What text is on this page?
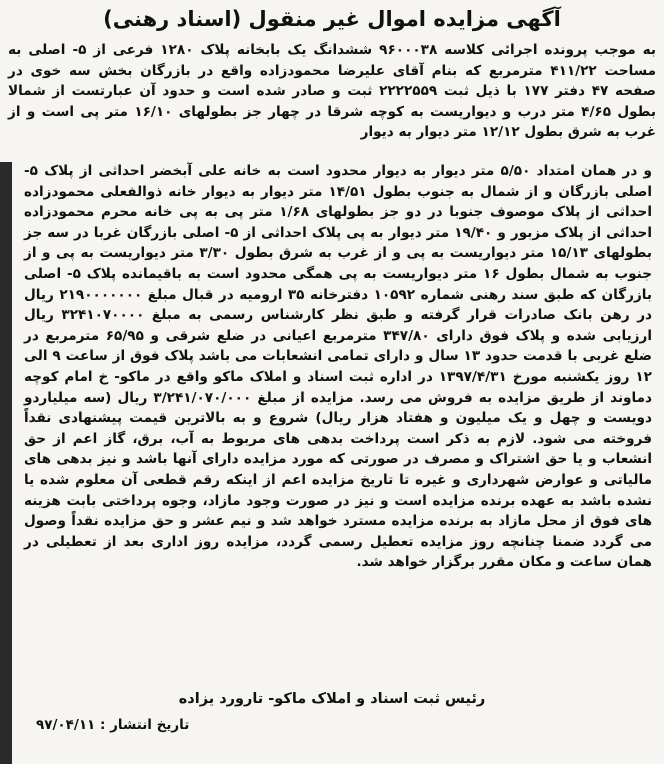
آگهی مزایده اموال غیر منقول (اسناد رهنی)

به موجب پرونده اجرائی کلاسه ۹۶۰۰۰۳۸ ششدانگ یک بابخانه پلاک ۱۲۸۰ فرعی از ۵- اصلی به مساحت ۴۱۱/۲۲ مترمربع که بنام آقای علیرضا محمودزاده واقع در بازرگان بخش سه خوی در صفحه ۴۷ دفتر ۱۷۷ با ذیل ثبت ۲۲۲۲۵۵۹ ثبت و صادر شده است و حدود آن عبارتست از شمالا بطول ۴/۶۵ متر درب و دیواریست به کوچه شرقا در چهار جز بطولهای ۱۶/۱۰ متر پی است و از غرب به شرق بطول ۱۲/۱۲ متر دیوار به دیوار

و در همان امتداد ۵/۵۰ متر دیوار به دیوار محدود است به خانه علی آبخضر احداثی از پلاک ۵- اصلی بازرگان و از شمال به جنوب بطول ۱۴/۵۱ متر دیوار به دیوار خانه ذوالفعلی محمودزاده احداثی از پلاک موصوف جنوبا در دو جز بطولهای ۱/۶۸ متر پی به پی خانه محرم محمودزاده احداثی از پلاک مزبور و ۱۹/۴۰ متر دیوار به پی پلاک احداثی از ۵- اصلی بازرگان غربا در سه جز بطولهای ۱۵/۱۳ متر دیواریست به پی و از غرب به شرق بطول ۳/۳۰ متر دیواریست به پی و از جنوب به شمال بطول ۱۶ متر دیواریست به پی همگی محدود است به باقیمانده پلاک ۵- اصلی بازرگان که طبق سند رهنی شماره ۱۰۵۹۲ دفترخانه ۳۵ ارومیه در قبال مبلغ ۲۱۹۰۰۰۰۰۰۰ ریال در رهن بانک صادرات قرار گرفته و طبق نظر کارشناس رسمی به مبلغ ۳۲۴۱۰۷۰۰۰۰ ریال ارزیابی شده و پلاک فوق دارای ۳۴۷/۸۰ مترمربع اعیانی در ضلع شرقی و ۶۵/۹۵ مترمربع در ضلع غربی با قدمت حدود ۱۳ سال و دارای تمامی انشعابات می باشد پلاک فوق از ساعت ۹ الی ۱۲ روز یکشنبه مورخ ۱۳۹۷/۴/۳۱ در اداره ثبت اسناد و املاک ماکو واقع در ماکو- خ امام کوچه دماوند از طریق مزایده به فروش می رسد. مزایده از مبلغ ۳/۲۴۱/۰۷۰/۰۰۰ ریال (سه میلیاردو دویست و چهل و یک میلیون و هفتاد هزار ریال) شروع و به بالاترین قیمت پیشنهادی نقداً فروخته می شود. لازم به ذکر است پرداخت بدهی های مربوط به آب، برق، گاز اعم از حق انشعاب و یا حق اشتراک و مصرف در صورتی که مورد مزایده دارای آنها باشد و نیز بدهی های مالیاتی و عوارض شهرداری و غیره تا تاریخ مزایده اعم از اینکه رقم قطعی آن معلوم شده یا نشده باشد به عهده برنده مزایده است و نیز در صورت وجود مازاد، وجوه پرداختی بابت هزینه های فوق از محل مازاد به برنده مزایده مسترد خواهد شد و نیم عشر و حق مزایده نقداً وصول می گردد ضمنا چنانچه روز مزایده تعطیل رسمی گردد، مزایده روز اداری بعد از تعطیلی در همان ساعت و مکان مقرر برگزار خواهد شد.

رئیس ثبت اسناد و املاک ماکو- تارورد یزاده
تاریخ انتشار : ۹۷/۰۴/۱۱
